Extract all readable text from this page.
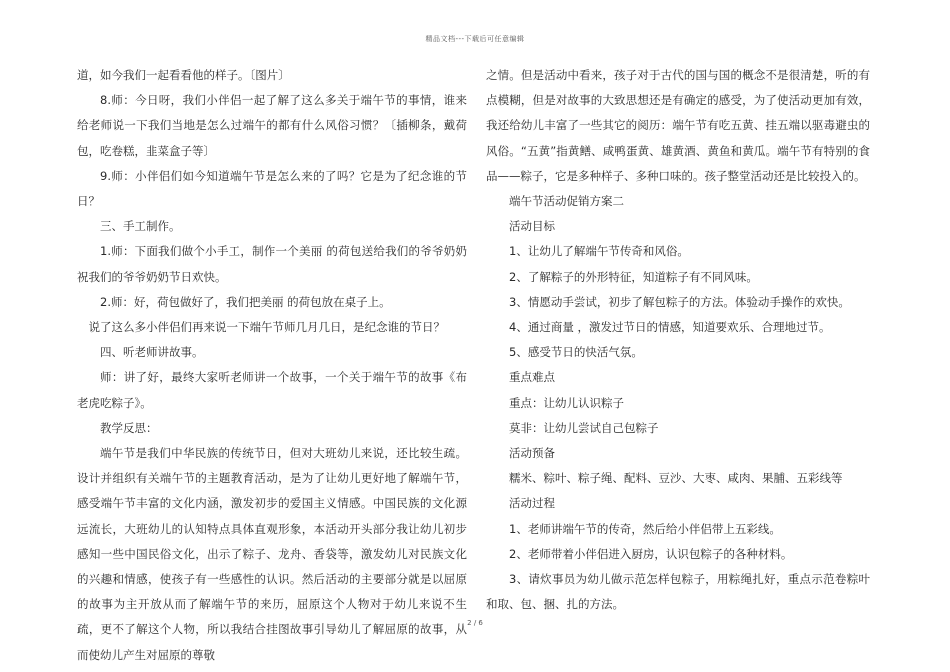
精品文档---下载后可任意编辑

道，如今我们一起看看他的样子。〔图片〕

8.师：今日呀，我们小伴侣一起了解了这么多关于端午节的事情，谁来给老师说一下我们当地是怎么过端午的都有什么风俗习惯？〔插柳条，戴荷包，吃卷糕，韭菜盒子等〕

9.师：小伴侣们如今知道端午节是怎么来的了吗？它是为了纪念谁的节日？

三、手工制作。

1.师：下面我们做个小手工，制作一个美丽 的荷包送给我们的爷爷奶奶祝我们的爷爷奶奶节日欢快。

2.师：好，荷包做好了，我们把美丽 的荷包放在桌子上。

说了这么多小伴侣们再来说一下端午节师几月几日，是纪念谁的节日？

四、听老师讲故事。

师：讲了好，最终大家听老师讲一个故事，一个关于端午节的故事《布老虎吃粽子》。

教学反思：

端午节是我们中华民族的传统节日，但对大班幼儿来说，还比较生疏。设计并组织有关端午节的主题教育活动，是为了让幼儿更好地了解端午节，感受端午节丰富的文化内涵，激发初步的爱国主义情感。中国民族的文化源远流长，大班幼儿的认知特点具体直观形象，本活动开头部分我让幼儿初步感知一些中国民俗文化，出示了粽子、龙舟、香袋等，激发幼儿对民族文化的兴趣和情感，使孩子有一些感性的认识。然后活动的主要部分就是以屈原的故事为主开放从而了解端午节的来历，屈原这个人物对于幼儿来说不生疏，更不了解这个人物，所以我结合挂图故事引导幼儿了解屈原的故事，从而使幼儿产生对屈原的尊敬

之情。但是活动中看来，孩子对于古代的国与国的概念不是很清楚，听的有点模糊，但是对故事的大致思想还是有确定的感受，为了使活动更加有效，我还给幼儿丰富了一些其它的阅历：端午节有吃五黄、挂五端以驱毒避虫的风俗。“五黄”指黄鳝、咸鸭蛋黄、雄黄酒、黄鱼和黄瓜。端午节有特别的食品——粽子，它是多种样子、多种口味的。孩子整堂活动还是比较投入的。

端午节活动促销方案二

活动目标

1、让幼儿了解端午节传奇和风俗。

2、了解粽子的外形特征，知道粽子有不同风味。

3、情愿动手尝试，初步了解包粽子的方法。体验动手操作的欢快。

4、通过商量 ，激发过节日的情感，知道要欢乐、合理地过节。

5、感受节日的快活气氛。

重点难点

重点：让幼儿认识粽子

莫非：让幼儿尝试自己包粽子

活动预备

糯米、粽叶、粽子绳、配料、豆沙、大枣、咸肉、果脯、五彩线等

活动过程

1、老师讲端午节的传奇，然后给小伴侣带上五彩线。

2、老师带着小伴侣进入厨房，认识包粽子的各种材料。

3、请炊事员为幼儿做示范怎样包粽子，用粽绳扎好，重点示范卷粽叶和取、包、捆、扎的方法。

2 / 6
